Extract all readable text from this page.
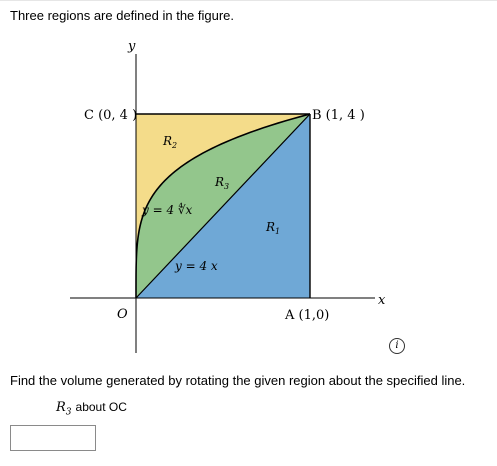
Three regions are defined in the figure.
y
x
C (0, 4 )	B (1, 4 )
A (1,0)
O
$R_1$
$R_2$
$R_3$
y = 4 ∜x
y = 4 x
i
Find the volume generated by rotating the given region about the specified line.
$R_3$ about OC
